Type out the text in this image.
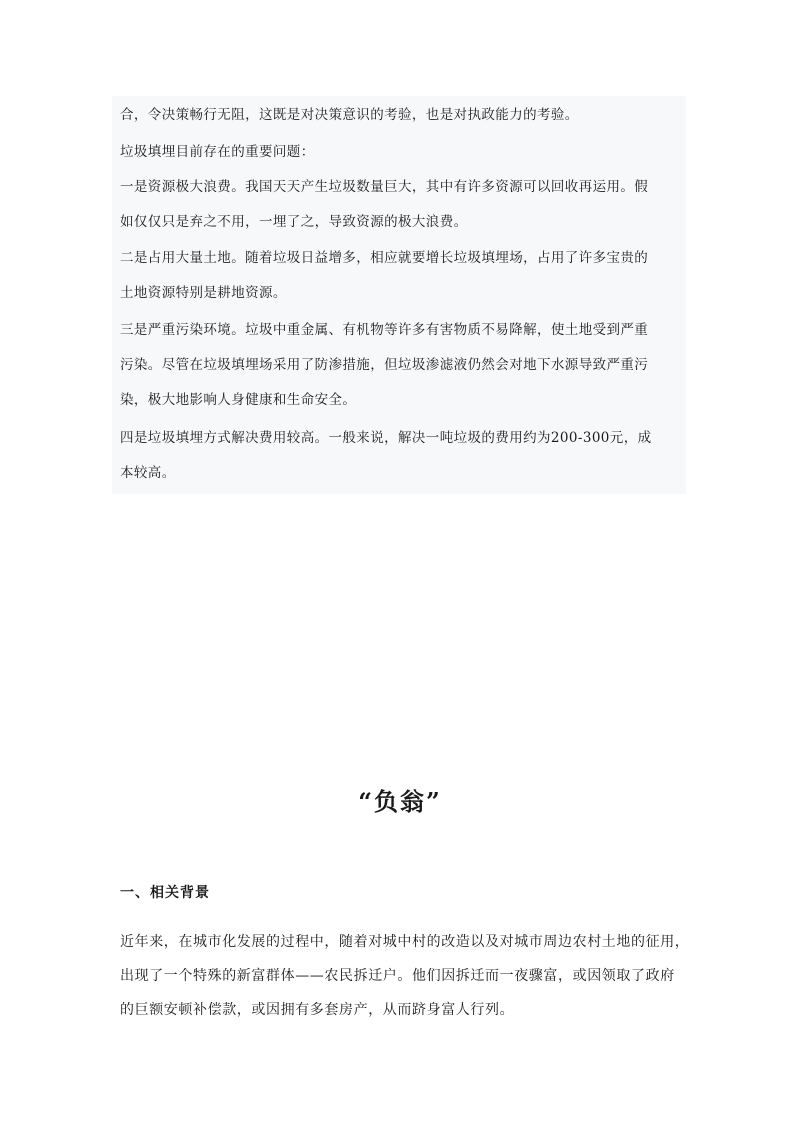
合，令决策畅行无阻，这既是对决策意识的考验，也是对执政能力的考验。
垃圾填埋目前存在的重要问题：
一是资源极大浪费。我国天天产生垃圾数量巨大，其中有许多资源可以回收再运用。假
如仅仅只是弃之不用，一埋了之，导致资源的极大浪费。
二是占用大量土地。随着垃圾日益增多，相应就要增长垃圾填埋场，占用了许多宝贵的
土地资源特别是耕地资源。
三是严重污染环境。垃圾中重金属、有机物等许多有害物质不易降解，使土地受到严重
污染。尽管在垃圾填埋场采用了防渗措施，但垃圾渗滤液仍然会对地下水源导致严重污
染，极大地影响人身健康和生命安全。
四是垃圾填埋方式解决费用较高。一般来说，解决一吨垃圾的费用约为200-300元，成
本较高。
“负翁”
一、相关背景
近年来，在城市化发展的过程中，随着对城中村的改造以及对城市周边农村土地的征用，
出现了一个特殊的新富群体——农民拆迁户。他们因拆迁而一夜骤富，或因领取了政府
的巨额安顿补偿款，或因拥有多套房产，从而跻身富人行列。
